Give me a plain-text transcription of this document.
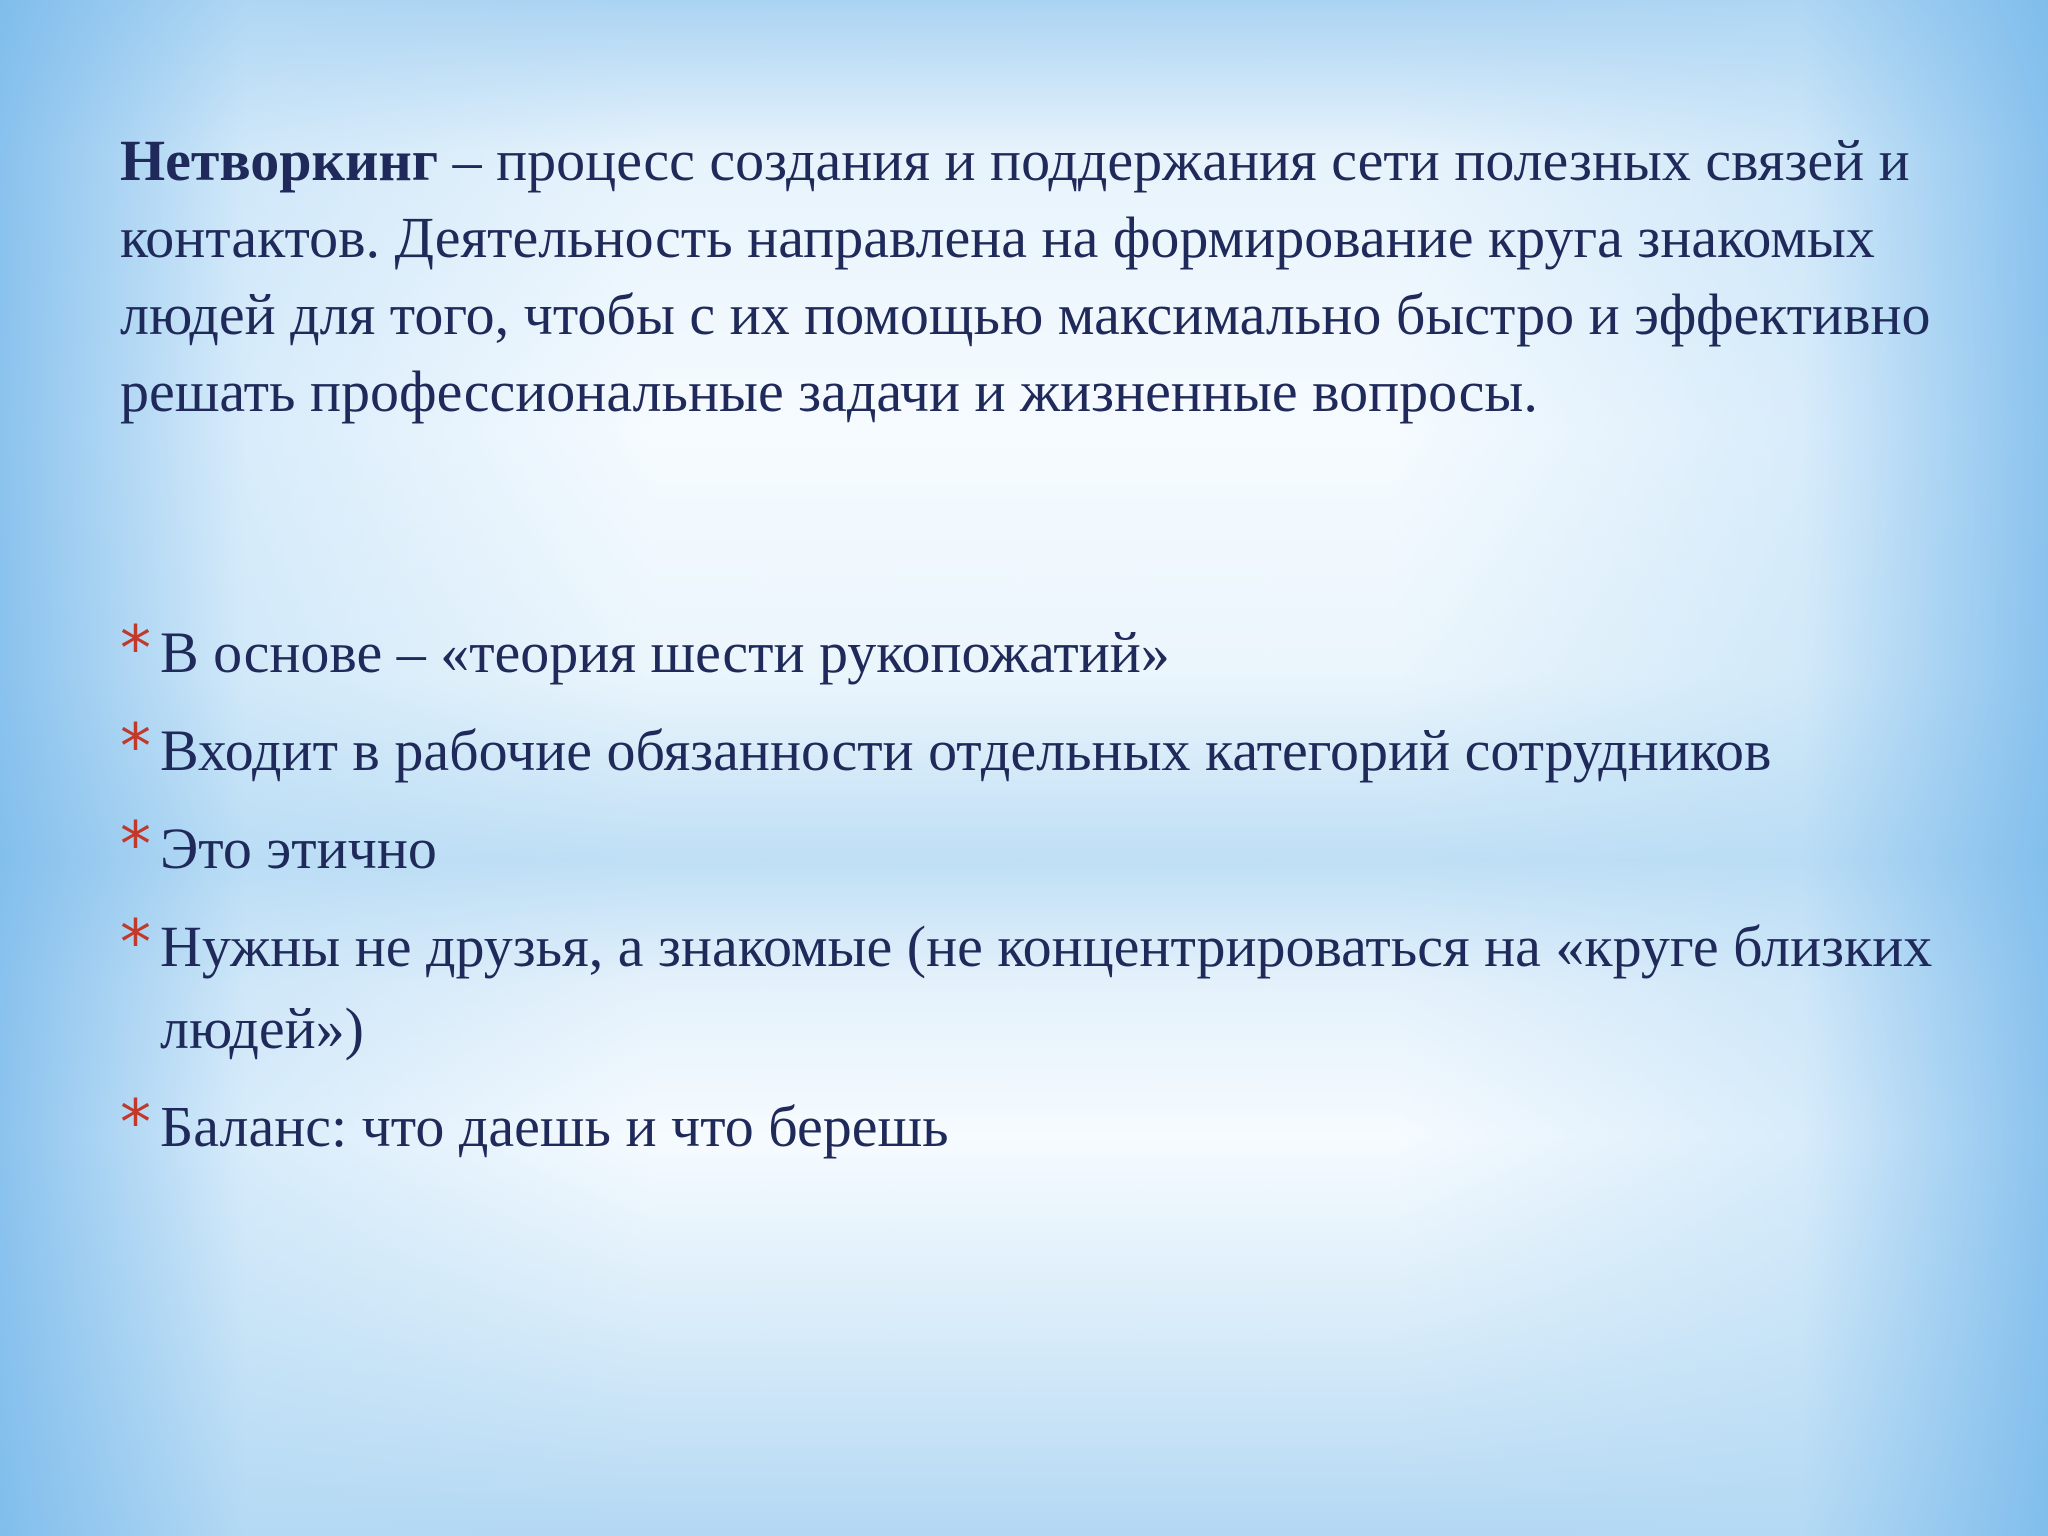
Нетворкинг – процесс создания и поддержания сети полезных связей и контактов. Деятельность направлена на формирование круга знакомых людей для того, чтобы с их помощью максимально быстро и эффективно решать профессиональные задачи и жизненные вопросы.

* В основе – «теория шести рукопожатий»
* Входит в рабочие обязанности отдельных категорий сотрудников
* Это этично
* Нужны не друзья, а знакомые (не концентрироваться на «круге близких людей»)
* Баланс: что даешь и что берешь
